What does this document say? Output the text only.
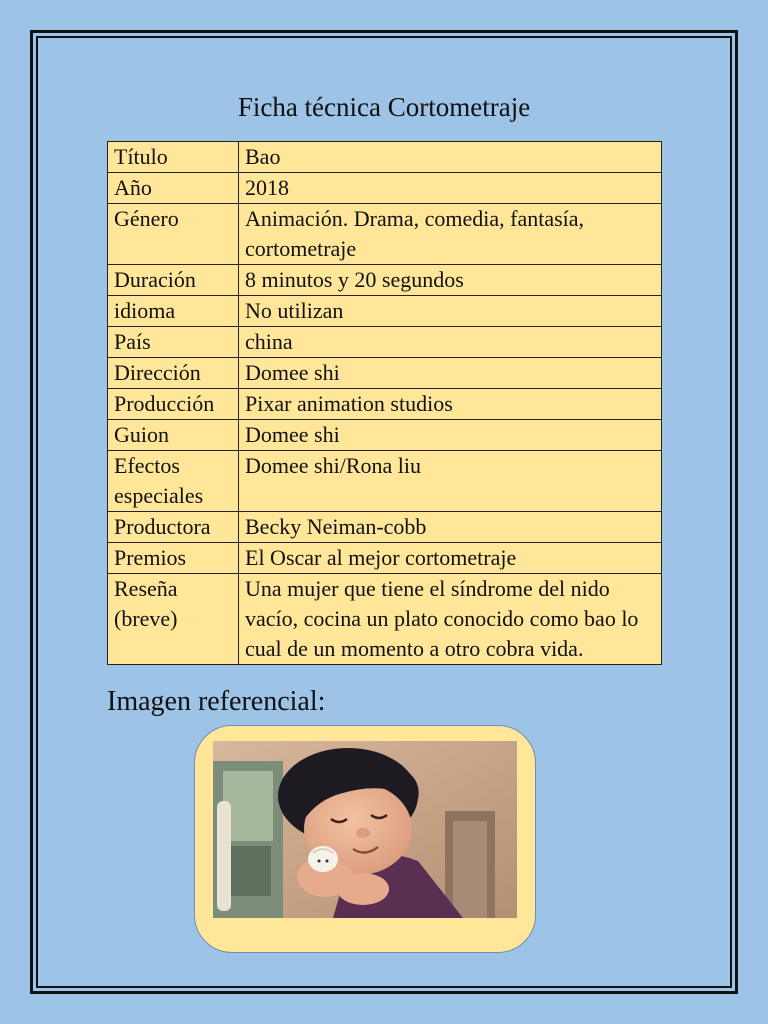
Ficha técnica Cortometraje
Título	Bao
Año	2018
Género	Animación. Drama, comedia, fantasía, cortometraje
Duración	8 minutos y 20 segundos
idioma	No utilizan
País	china
Dirección	Domee shi
Producción	Pixar animation studios
Guion	Domee shi
Efectos especiales	Domee shi/Rona liu
Productora	Becky Neiman-cobb
Premios	El Oscar al mejor cortometraje
Reseña (breve)	Una mujer que tiene el síndrome del nido vacío, cocina un plato conocido como bao lo cual de un momento a otro cobra vida.
Imagen referencial:
